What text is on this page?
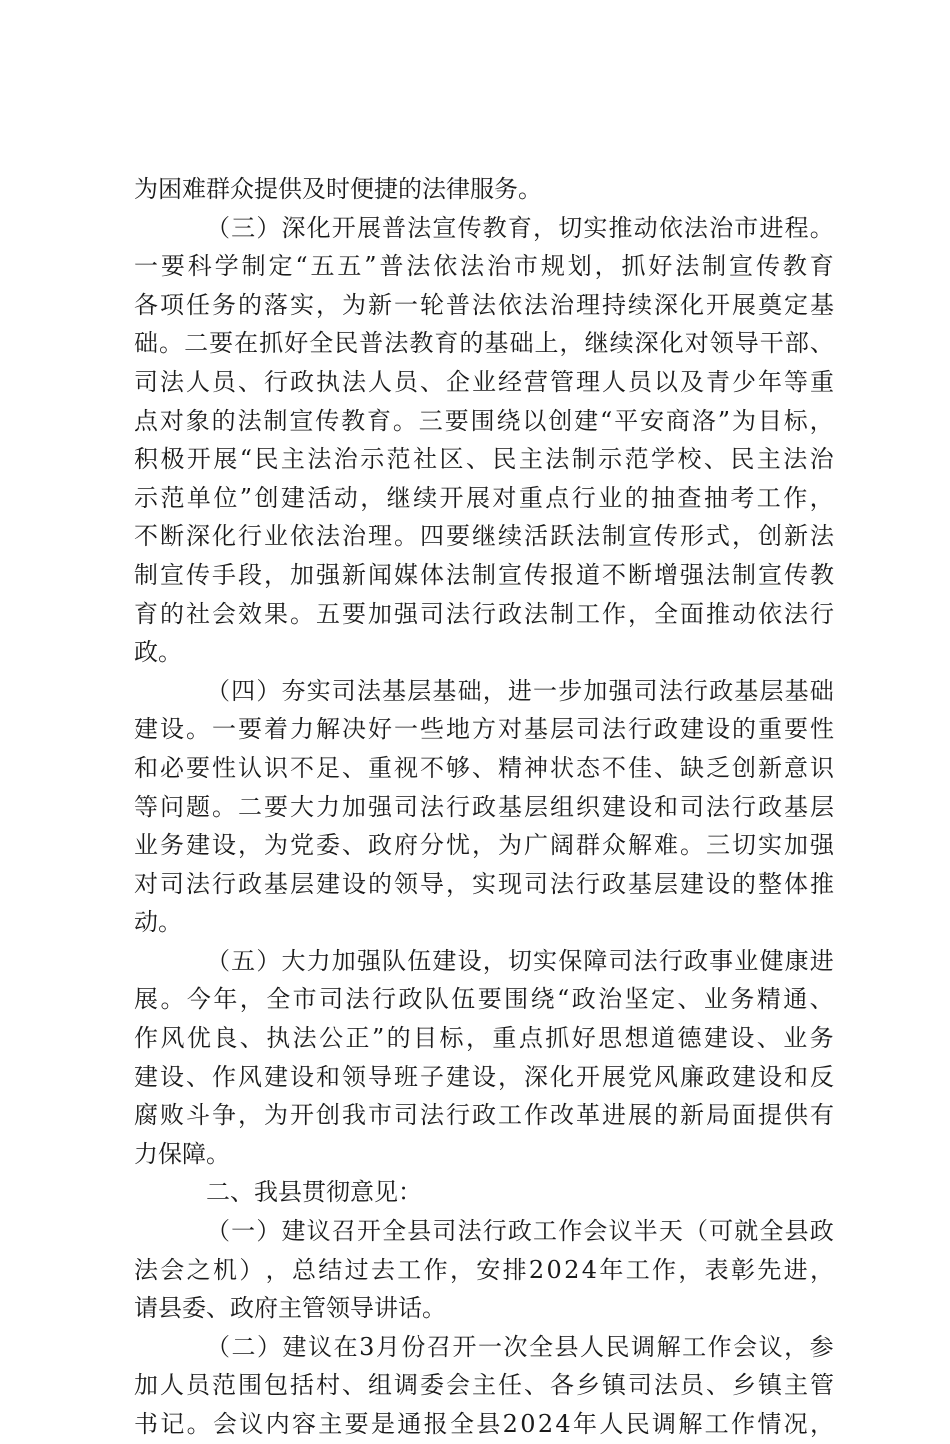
为困难群众提供及时便捷的法律服务。
（ 三 ） 深 化 开 展 普 法 宣 传 教 育 ， 切 实 推 动 依 法 治 市 进 程 。
一 要 科 学 制 定 “ 五 五 ” 普 法 依 法 治 市 规 划 ， 抓 好 法 制 宣 传 教 育
各 项 任 务 的 落 实 ， 为 新 一 轮 普 法 依 法 治 理 持 续 深 化 开 展 奠 定 基
础 。 二 要 在 抓 好 全 民 普 法 教 育 的 基 础 上 ， 继 续 深 化 对 领 导 干 部 、
司 法 人 员 、 行 政 执 法 人 员 、 企 业 经 营 管 理 人 员 以 及 青 少 年 等 重
点 对 象 的 法 制 宣 传 教 育 。 三 要 围 绕 以 创 建 “ 平 安 商 洛 ” 为 目 标 ，
积 极 开 展 “ 民 主 法 治 示 范 社 区 、 民 主 法 制 示 范 学 校 、 民 主 法 治
示 范 单 位 ” 创 建 活 动 ， 继 续 开 展 对 重 点 行 业 的 抽 查 抽 考 工 作 ，
不 断 深 化 行 业 依 法 治 理 。 四 要 继 续 活 跃 法 制 宣 传 形 式 ， 创 新 法
制 宣 传 手 段 ， 加 强 新 闻 媒 体 法 制 宣 传 报 道 不 断 增 强 法 制 宣 传 教
育 的 社 会 效 果 。 五 要 加 强 司 法 行 政 法 制 工 作 ， 全 面 推 动 依 法 行
政。
（ 四 ） 夯 实 司 法 基 层 基 础 ， 进 一 步 加 强 司 法 行 政 基 层 基 础
建 设 。 一 要 着 力 解 决 好 一 些 地 方 对 基 层 司 法 行 政 建 设 的 重 要 性
和 必 要 性 认 识 不 足 、 重 视 不 够 、 精 神 状 态 不 佳 、 缺 乏 创 新 意 识
等 问 题 。 二 要 大 力 加 强 司 法 行 政 基 层 组 织 建 设 和 司 法 行 政 基 层
业 务 建 设 ， 为 党 委 、 政 府 分 忧 ， 为 广 阔 群 众 解 难 。 三 切 实 加 强
对 司 法 行 政 基 层 建 设 的 领 导 ， 实 现 司 法 行 政 基 层 建 设 的 整 体 推
动。
（ 五 ） 大 力 加 强 队 伍 建 设 ， 切 实 保 障 司 法 行 政 事 业 健 康 进
展 。 今 年 ， 全 市 司 法 行 政 队 伍 要 围 绕 “ 政 治 坚 定 、 业 务 精 通 、
作 风 优 良 、 执 法 公 正 ” 的 目 标 ， 重 点 抓 好 思 想 道 德 建 设 、 业 务
建 设 、 作 风 建 设 和 领 导 班 子 建 设 ， 深 化 开 展 党 风 廉 政 建 设 和 反
腐 败 斗 争 ， 为 开 创 我 市 司 法 行 政 工 作 改 革 进 展 的 新 局 面 提 供 有
力保障。
二、我县贯彻意见：
（ 一 ） 建 议 召 开 全 县 司 法 行 政 工 作 会 议 半 天 （ 可 就 全 县 政
法 会 之 机 ） ， 总 结 过 去 工 作 ， 安 排 2 0 2 4 年 工 作 ， 表 彰 先 进 ，
请县委、政府主管领导讲话。
（ 二 ） 建 议 在 3 月 份 召 开 一 次 全 县 人 民 调 解 工 作 会 议 ， 参
加 人 员 范 围 包 括 村 、 组 调 委 会 主 任 、 各 乡 镇 司 法 员 、 乡 镇 主 管
书 记 。 会 议 内 容 主 要 是 通 报 全 县 2 0 2 4 年 人 民 调 解 工 作 情 况 ，
